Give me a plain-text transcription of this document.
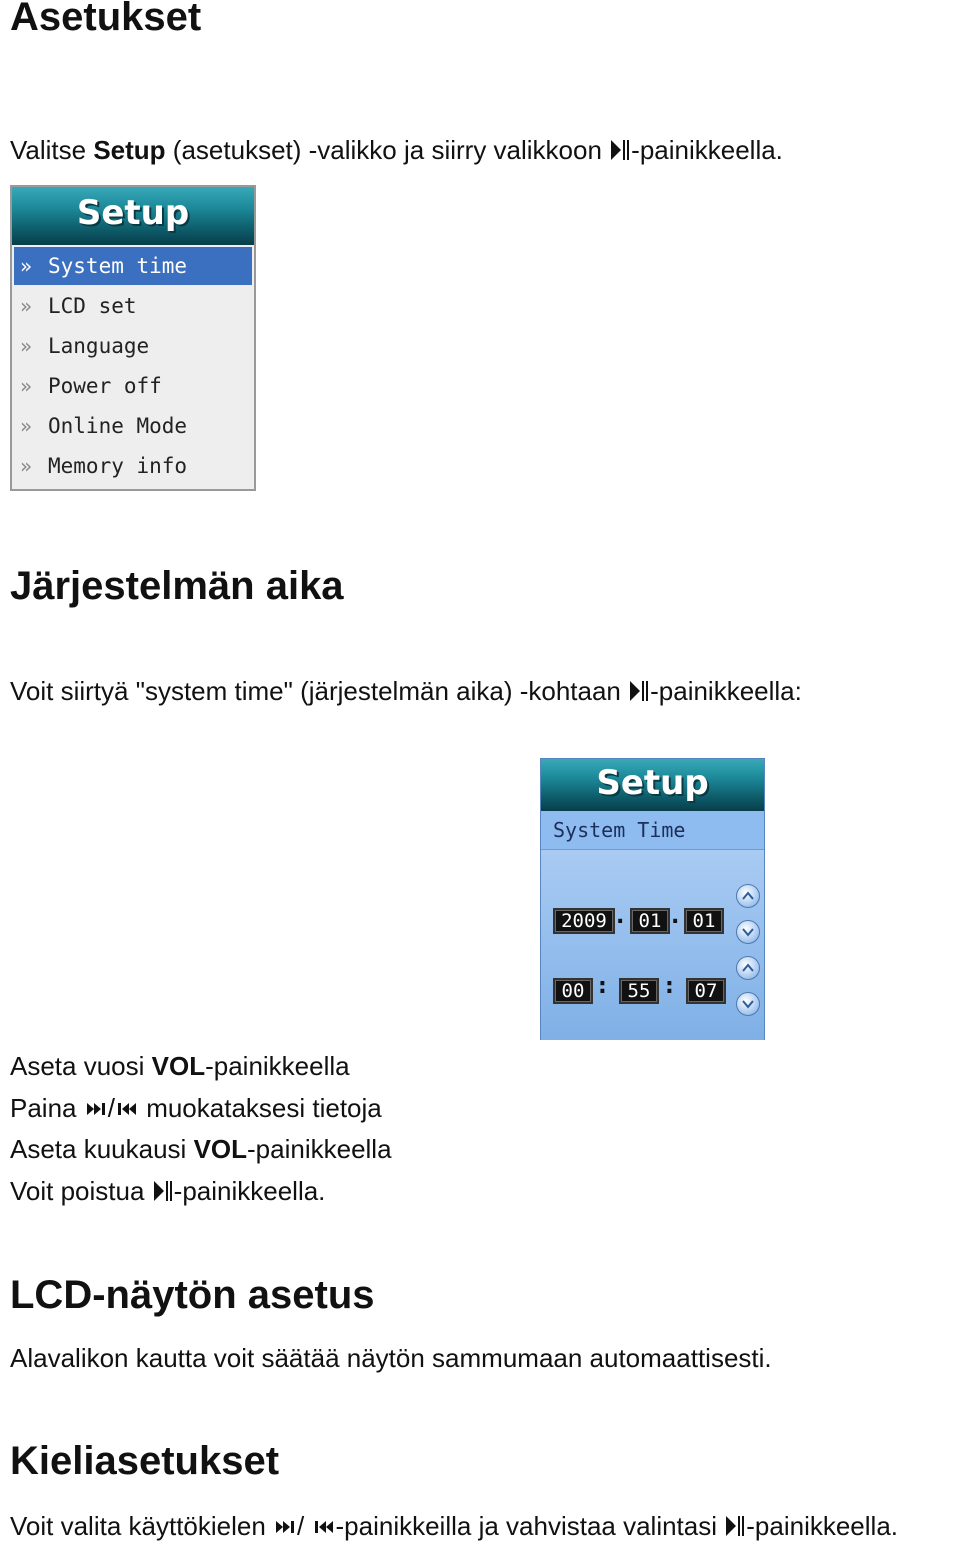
Asetukset

Valitse Setup (asetukset) -valikko ja siirry valikkoon -painikkeella.

Setup
» System time
» LCD set
» Language
» Power off
» Online Mode
» Memory info
Järjestelmän aika

Voit siirtyä "system time" (järjestelmän aika) -kohtaan -painikkeella:

Setup
System Time
2009 . 01 . 01
00 :	55 :	07

Aseta vuosi VOL-painikkeella

Paina / muokataksesi tietoja

Aseta kuukausi VOL-painikkeella

Voit poistua -painikkeella.

LCD-näytön asetus

Alavalikon kautta voit säätää näytön sammumaan automaattisesti.

Kieliasetukset

Voit valita käyttökielen / -painikkeilla ja vahvistaa valintasi -painikkeella.
